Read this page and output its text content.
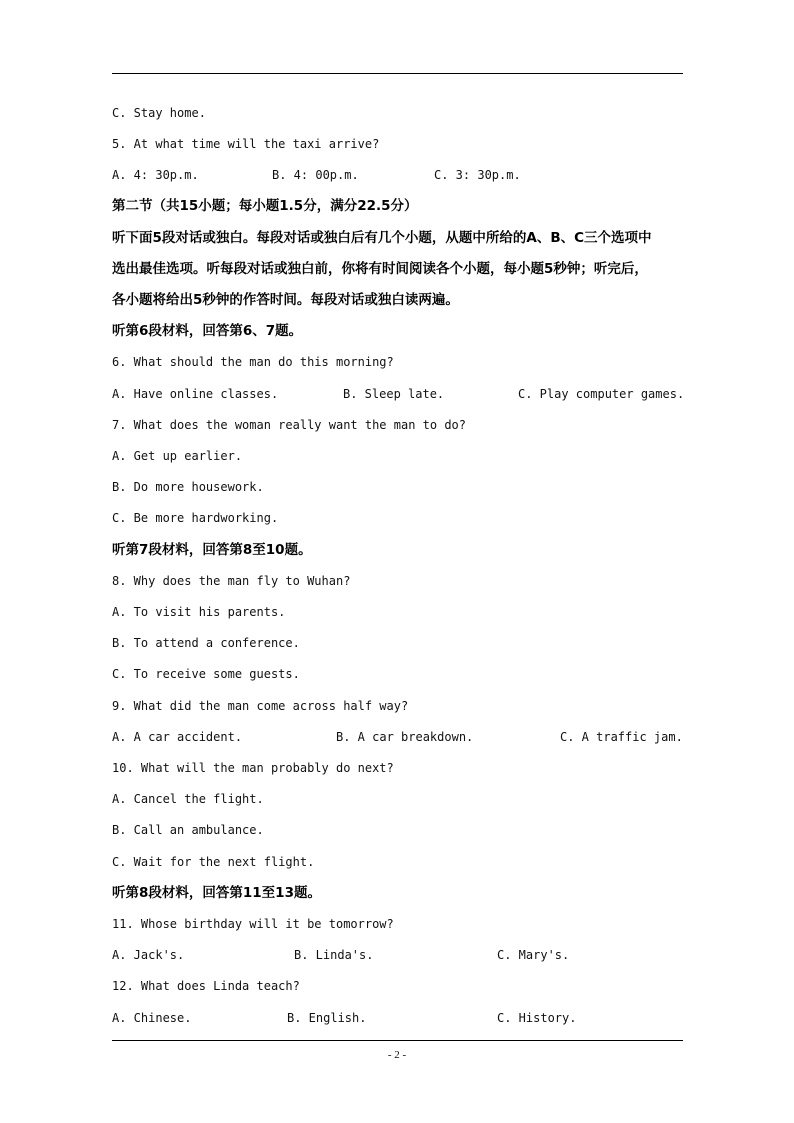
C. Stay home.
5. At what time will the taxi arrive?
A. 4: 30p.m.	B. 4: 00p.m.	C. 3: 30p.m.
第二节（共15小题；每小题1.5分，满分22.5分）
听下面5段对话或独白。每段对话或独白后有几个小题，从题中所给的A、B、C三个选项中
选出最佳选项。听每段对话或独白前，你将有时间阅读各个小题，每小题5秒钟；听完后，
各小题将给出5秒钟的作答时间。每段对话或独白读两遍。
听第6段材料，回答第6、7题。
6. What should the man do this morning?
A. Have online classes.	B. Sleep late.	C. Play computer games.
7. What does the woman really want the man to do?
A. Get up earlier.
B. Do more housework.
C. Be more hardworking.
听第7段材料，回答第8至10题。
8. Why does the man fly to Wuhan?
A. To visit his parents.
B. To attend a conference.
C. To receive some guests.
9. What did the man come across half way?
A. A car accident.	B. A car breakdown.	C. A traffic jam.
10. What will the man probably do next?
A. Cancel the flight.
B. Call an ambulance.
C. Wait for the next flight.
听第8段材料，回答第11至13题。
11. Whose birthday will it be tomorrow?
A. Jack's.	B. Linda's.	C. Mary's.
12. What does Linda teach?
A. Chinese.	B. English.	C. History.
- 2 -
